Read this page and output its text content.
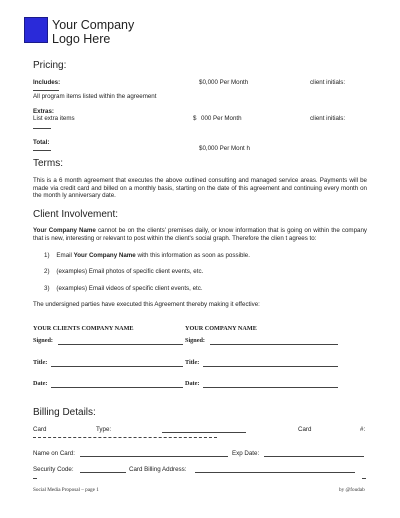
Your Company
Logo Here
Pricing:
Includes:	$0,000 Per Month	client initials:
All program items listed within the agreement
Extras:
List extra items	$ 000 Per Month	client initials:
Total:
$0,000 Per Mont h
Terms:
This is a 6 month agreement that executes the above outlined consulting and managed service areas. Payments will be made via credit card and billed on a monthly basis, starting on the date of this agreement and continuing every month on the month ly anniversary date.
Client Involvement:
Your Company Name cannot be on the clients' premises daily, or know information that is going on within the company that is new, interesting or relevant to post within the client's social graph. Therefore the clien t agrees to:
1) Email Your Company Name with this information as soon as possible.
2) (examples) Email photos of specific client events, etc.
3) (examples) Email videos of specific client events, etc.
The undersigned parties have executed this Agreement thereby making it effective:
YOUR CLIENTS COMPANY NAME	YOUR COMPANY NAME
Signed:	Signed:
Title:	Title:
Date:	Date:
Billing Details:
Card	Type:	Card	#:
Name on Card:	Exp Date:
Security Code:	Card Billing Address:
Social Media Proposal – page 1	by @foudab
